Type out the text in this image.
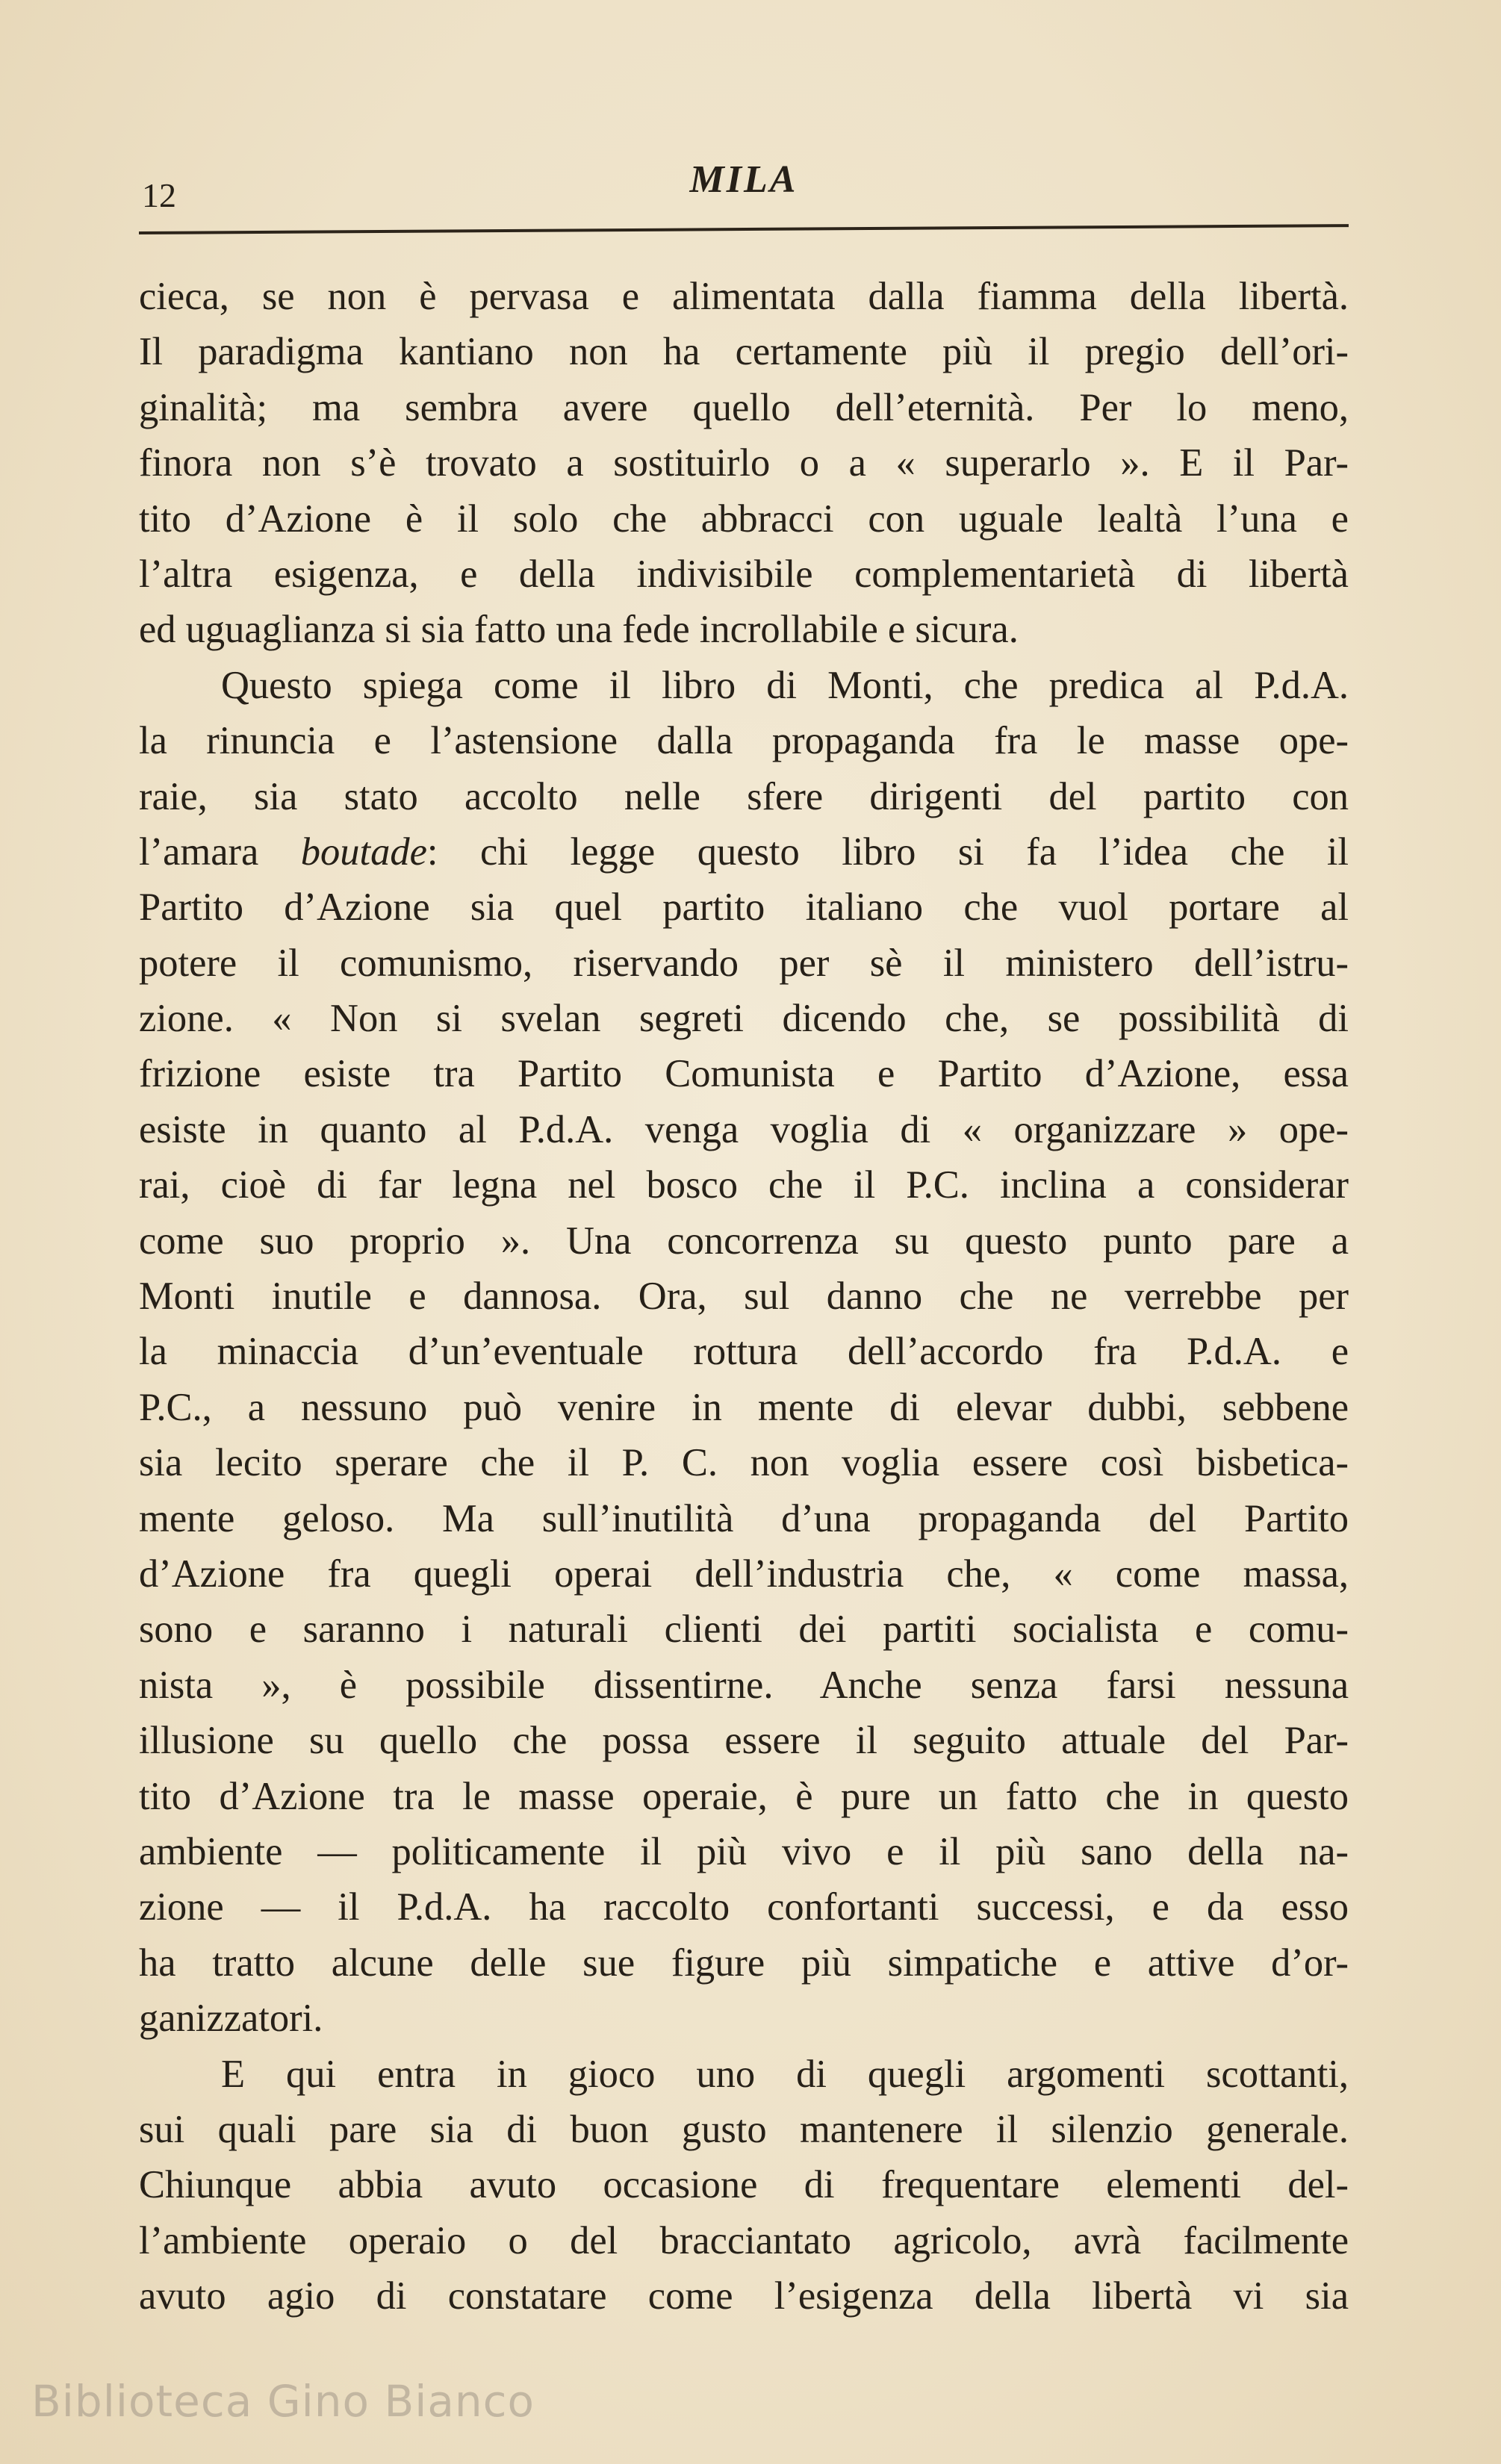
12	MILA
cieca, se non è pervasa e alimentata dalla fiamma della libertà.
Il paradigma kantiano non ha certamente più il pregio dell’ori-
ginalità; ma sembra avere quello dell’eternità. Per lo meno,
finora non s’è trovato a sostituirlo o a « superarlo ». E il Par-
tito d’Azione è il solo che abbracci con uguale lealtà l’una e
l’altra esigenza, e della indivisibile complementarietà di libertà
ed uguaglianza si sia fatto una fede incrollabile e sicura.
Questo spiega come il libro di Monti, che predica al P.d.A.
la rinuncia e l’astensione dalla propaganda fra le masse ope-
raie, sia stato accolto nelle sfere dirigenti del partito con
l’amara boutade: chi legge questo libro si fa l’idea che il
Partito d’Azione sia quel partito italiano che vuol portare al
potere il comunismo, riservando per sè il ministero dell’istru-
zione. « Non si svelan segreti dicendo che, se possibilità di
frizione esiste tra Partito Comunista e Partito d’Azione, essa
esiste in quanto al P.d.A. venga voglia di « organizzare » ope-
rai, cioè di far legna nel bosco che il P.C. inclina a considerar
come suo proprio ». Una concorrenza su questo punto pare a
Monti inutile e dannosa. Ora, sul danno che ne verrebbe per
la minaccia d’un’eventuale rottura dell’accordo fra P.d.A. e
P.C., a nessuno può venire in mente di elevar dubbi, sebbene
sia lecito sperare che il P. C. non voglia essere così bisbetica-
mente geloso. Ma sull’inutilità d’una propaganda del Partito
d’Azione fra quegli operai dell’industria che, « come massa,
sono e saranno i naturali clienti dei partiti socialista e comu-
nista », è possibile dissentirne. Anche senza farsi nessuna
illusione su quello che possa essere il seguito attuale del Par-
tito d’Azione tra le masse operaie, è pure un fatto che in questo
ambiente — politicamente il più vivo e il più sano della na-
zione — il P.d.A. ha raccolto confortanti successi, e da esso
ha tratto alcune delle sue figure più simpatiche e attive d’or-
ganizzatori.
E qui entra in gioco uno di quegli argomenti scottanti,
sui quali pare sia di buon gusto mantenere il silenzio generale.
Chiunque abbia avuto occasione di frequentare elementi del-
l’ambiente operaio o del bracciantato agricolo, avrà facilmente
avuto agio di constatare come l’esigenza della libertà vi sia
Biblioteca Gino Bianco
